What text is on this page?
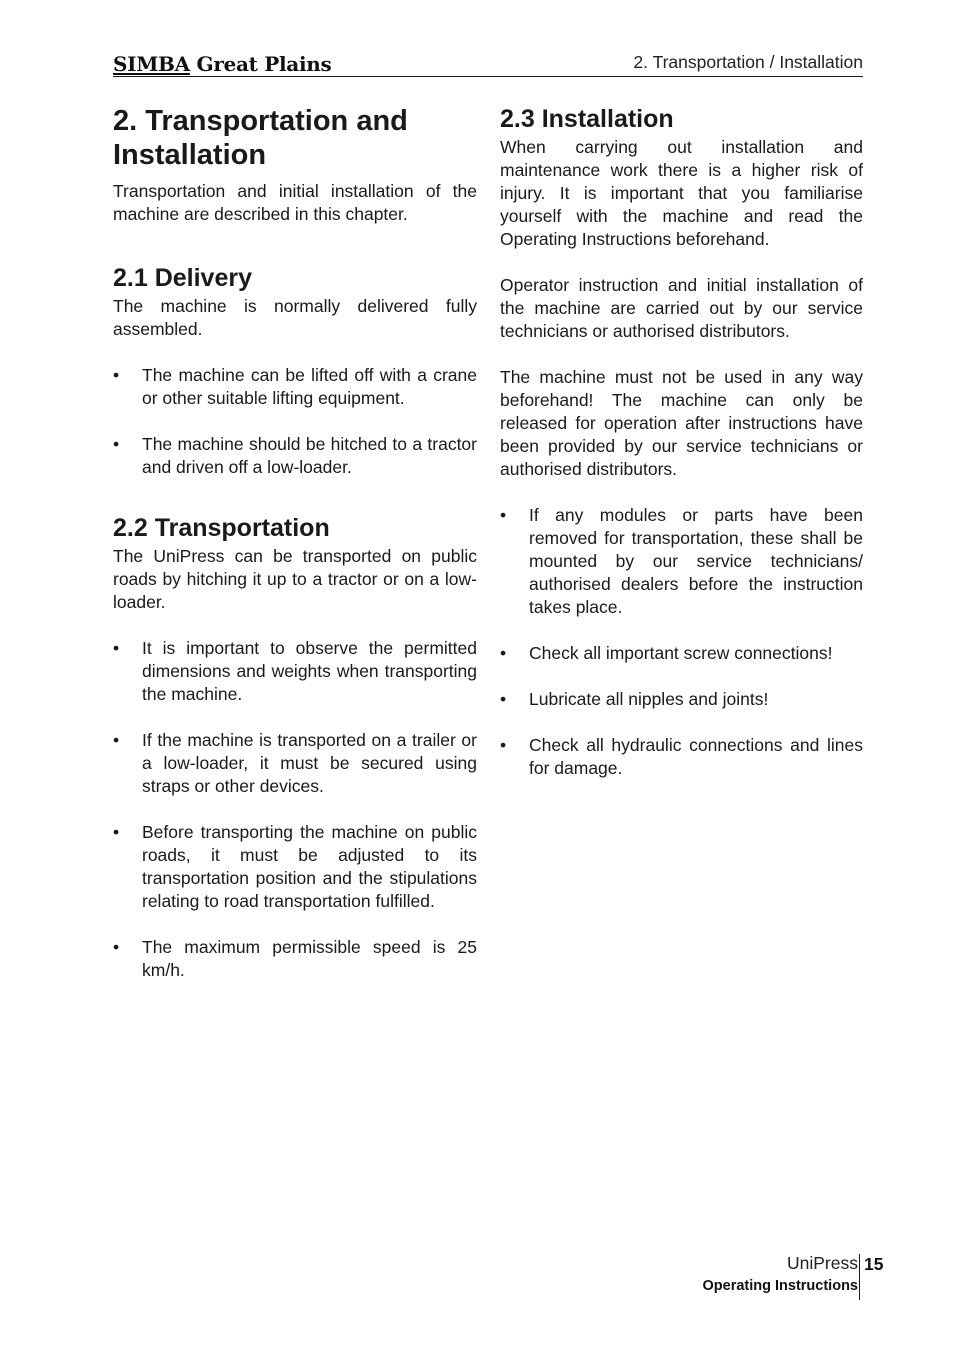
SIMBA Great Plains	2. Transportation / Installation
2. Transportation and Installation

Transportation and initial installation of the machine are described in this chapter.

2.1 Delivery

The machine is normally delivered fully assembled.

• The machine can be lifted off with a crane or other suitable lifting equipment.
• The machine should be hitched to a tractor and driven off a low-loader.
2.2 Transportation

The UniPress can be transported on public roads by hitching it up to a tractor or on a low-loader.

• It is important to observe the permitted dimensions and weights when transporting the machine.
• If the machine is transported on a trailer or a low-loader, it must be secured using straps or other devices.
• Before transporting the machine on public roads, it must be adjusted to its transportation position and the stipulations relating to road transportation fulfilled.
• The maximum permissible speed is 25 km/h.
2.3 Installation

When carrying out installation and maintenance work there is a higher risk of injury. It is important that you familiarise yourself with the machine and read the Operating Instructions beforehand.

Operator instruction and initial installation of the machine are carried out by our service technicians or authorised distributors.

The machine must not be used in any way beforehand! The machine can only be released for operation after instructions have been provided by our service technicians or authorised distributors.

• If any modules or parts have been removed for transportation, these shall be mounted by our service technicians/ authorised dealers before the instruction takes place.
• Check all important screw connections!
• Lubricate all nipples and joints!
• Check all hydraulic connections and lines for damage.
UniPress
Operating Instructions
15
